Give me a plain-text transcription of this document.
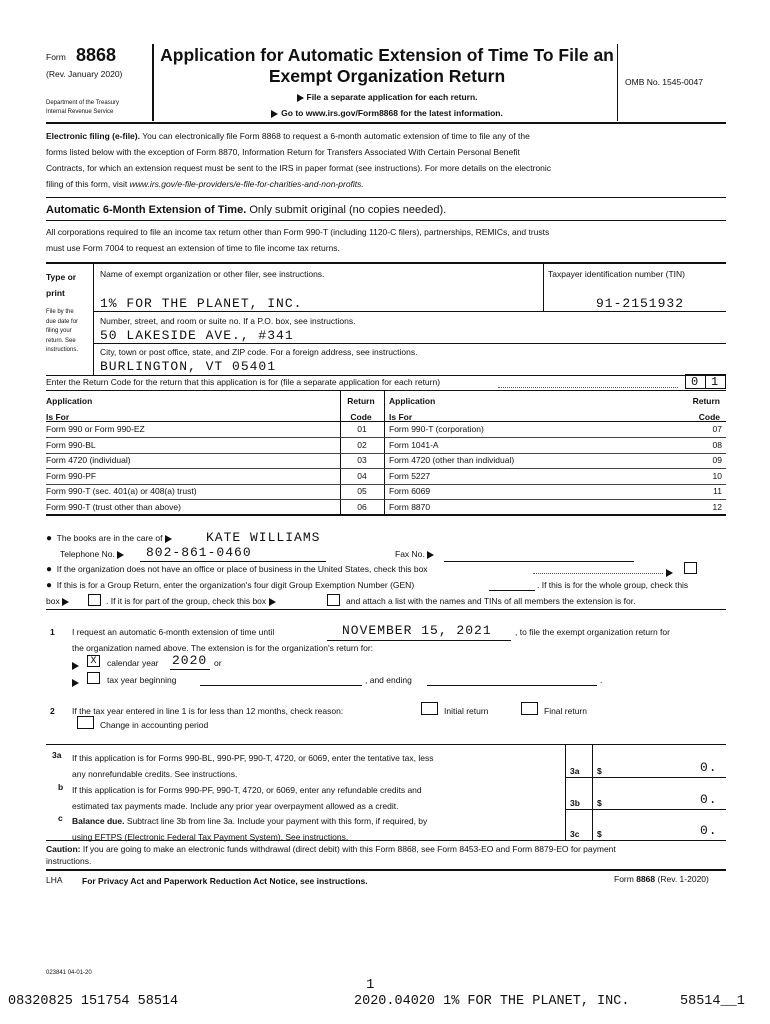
Form 8868
(Rev. January 2020)
Department of the Treasury
Internal Revenue Service
Application for Automatic Extension of Time To File an
Exempt Organization Return
File a separate application for each return.
Go to www.irs.gov/Form8868 for the latest information.
OMB No. 1545-0047
Electronic filing (e-file). You can electronically file Form 8868 to request a 6-month automatic extension of time to file any of the
forms listed below with the exception of Form 8870, Information Return for Transfers Associated With Certain Personal Benefit
Contracts, for which an extension request must be sent to the IRS in paper format (see instructions). For more details on the electronic
filing of this form, visit www.irs.gov/e-file-providers/e-file-for-charities-and-non-profits.
Automatic 6-Month Extension of Time. Only submit original (no copies needed).
All corporations required to file an income tax return other than Form 990-T (including 1120-C filers), partnerships, REMICs, and trusts
must use Form 7004 to request an extension of time to file income tax returns.
Type or
print
File by the
due date for
filing your
return. See
instructions.
Name of exempt organization or other filer, see instructions.	Taxpayer identification number (TIN)
1% FOR THE PLANET, INC.	91-2151932
Number, street, and room or suite no. If a P.O. box, see instructions.
50 LAKESIDE AVE., #341
City, town or post office, state, and ZIP code. For a foreign address, see instructions.
BURLINGTON, VT 05401
Enter the Return Code for the return that this application is for (file a separate application for each return)	0 1
Application
Is For
Return
Code
Application
Is For
Return
Code
Form 990 or Form 990-EZ	01	Form 990-T (corporation)	07
Form 990-BL	02	Form 1041-A	08
Form 4720 (individual)	03	Form 4720 (other than individual)	09
Form 990-PF	04	Form 5227	10
Form 990-T (sec. 401(a) or 408(a) trust)	05	Form 6069	11
Form 990-T (trust other than above)	06	Form 8870	12
● The books are in the care of	KATE WILLIAMS
Telephone No.	802-861-0460	Fax No.
● If the organization does not have an office or place of business in the United States, check this box
● If this is for a Group Return, enter the organization's four digit Group Exemption Number (GEN)	. If this is for the whole group, check this
box	. If it is for part of the group, check this box	and attach a list with the names and TINs of all members the extension is for.
1 I request an automatic 6-month extension of time until	NOVEMBER 15, 2021	, to file the exempt organization return for
the organization named above. The extension is for the organization's return for:
X	calendar year 2020 or
tax year beginning	, and ending	.
2 If the tax year entered in line 1 is for less than 12 months, check reason:	Initial return	Final return
Change in accounting period
3a If this application is for Forms 990-BL, 990-PF, 990-T, 4720, or 6069, enter the tentative tax, less
any nonrefundable credits. See instructions.	3a $	0.
b If this application is for Forms 990-PF, 990-T, 4720, or 6069, enter any refundable credits and
estimated tax payments made. Include any prior year overpayment allowed as a credit.	3b $	0.
c Balance due. Subtract line 3b from line 3a. Include your payment with this form, if required, by
using EFTPS (Electronic Federal Tax Payment System). See instructions.	3c $	0.
Caution: If you are going to make an electronic funds withdrawal (direct debit) with this Form 8868, see Form 8453-EO and Form 8879-EO for payment
instructions.
LHA For Privacy Act and Paperwork Reduction Act Notice, see instructions.	Form 8868 (Rev. 1-2020)
023841 04-01-20
1
08320825 151754 58514	2020.04020 1% FOR THE PLANET, INC.	58514__1
